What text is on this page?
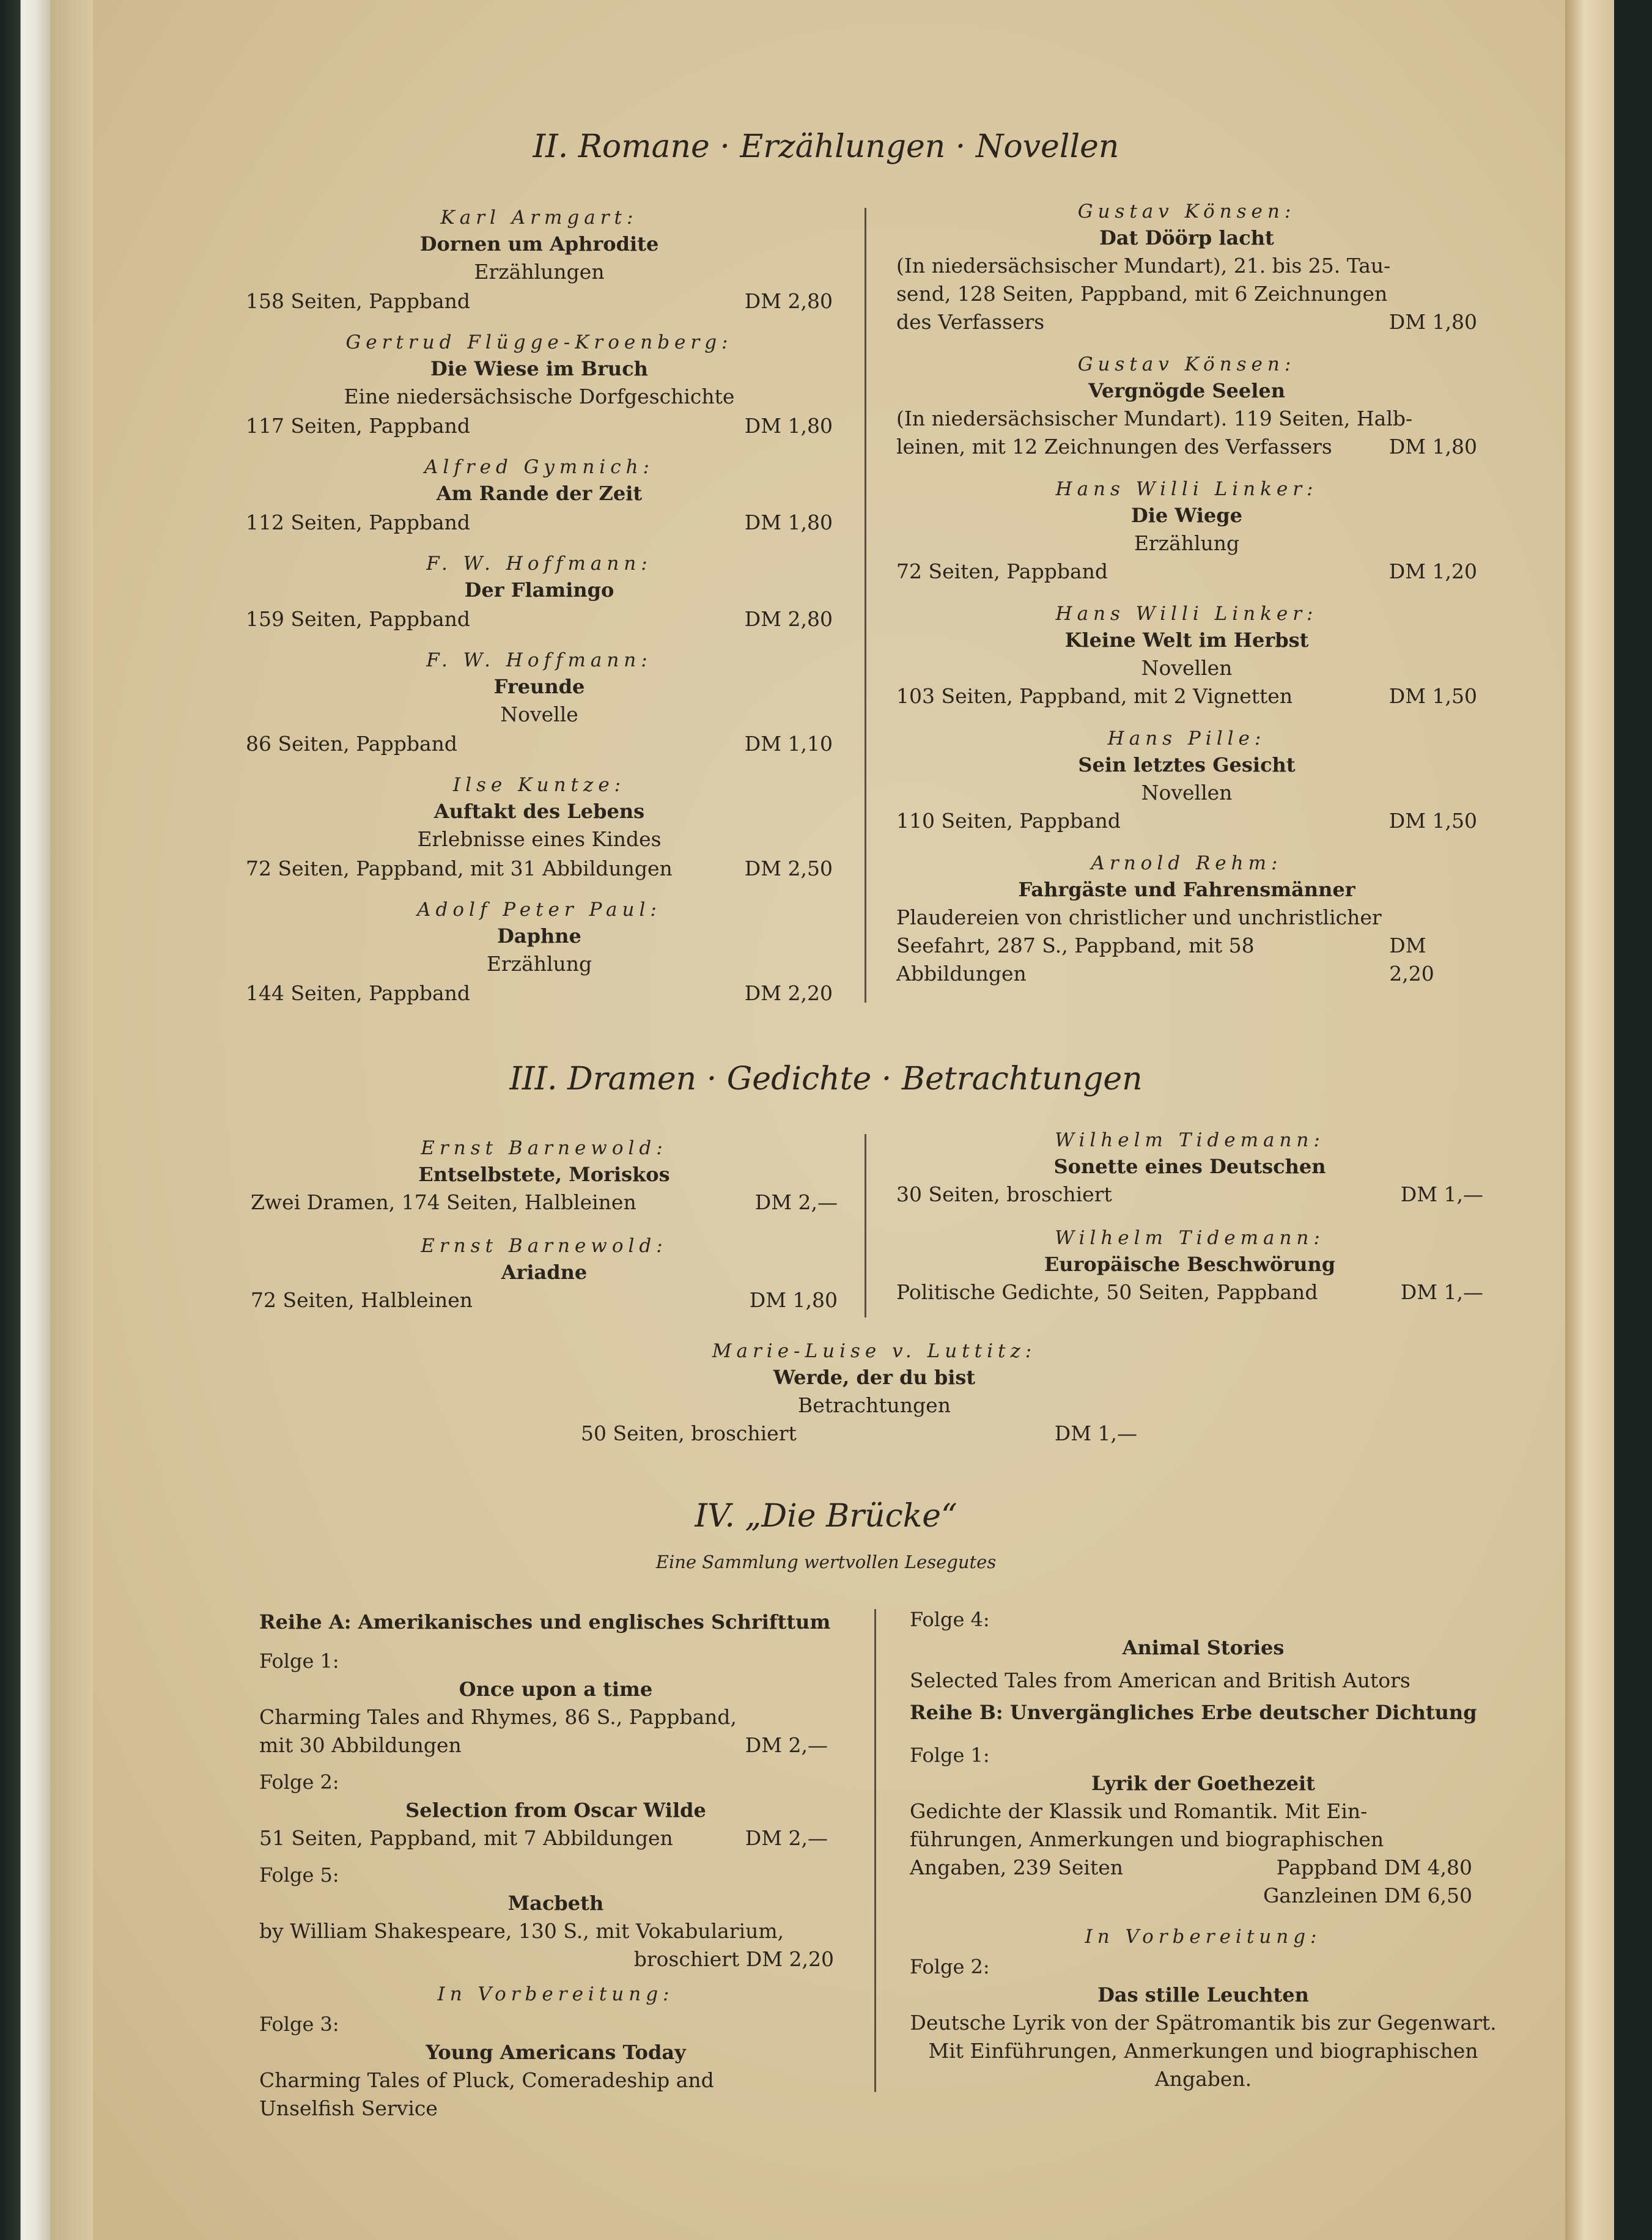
II. Romane · Erzählungen · Novellen
Karl Armgart:
Dornen um Aphrodite
Erzählungen
158 Seiten, Pappband	DM 2,80
Gertrud Flügge-Kroenberg:
Die Wiese im Bruch
Eine niedersächsische Dorfgeschichte
117 Seiten, Pappband	DM 1,80
Alfred Gymnich:
Am Rande der Zeit
112 Seiten, Pappband	DM 1,80
F. W. Hoffmann:
Der Flamingo
159 Seiten, Pappband	DM 2,80
F. W. Hoffmann:
Freunde
Novelle
86 Seiten, Pappband	DM 1,10
Ilse Kuntze:
Auftakt des Lebens
Erlebnisse eines Kindes
72 Seiten, Pappband, mit 31 Abbildungen	DM 2,50
Adolf Peter Paul:
Daphne
Erzählung
144 Seiten, Pappband	DM 2,20
Gustav Könsen:
Dat Döörp lacht
(In niedersächsischer Mundart), 21. bis 25. Tau-
send, 128 Seiten, Pappband, mit 6 Zeichnungen
des Verfassers	DM 1,80
Gustav Könsen:
Vergnögde Seelen
(In niedersächsischer Mundart). 119 Seiten, Halb-
leinen, mit 12 Zeichnungen des Verfassers	DM 1,80
Hans Willi Linker:
Die Wiege
Erzählung
72 Seiten, Pappband	DM 1,20
Hans Willi Linker:
Kleine Welt im Herbst
Novellen
103 Seiten, Pappband, mit 2 Vignetten	DM 1,50
Hans Pille:
Sein letztes Gesicht
Novellen
110 Seiten, Pappband	DM 1,50
Arnold Rehm:
Fahrgäste und Fahrensmänner
Plaudereien von christlicher und unchristlicher
Seefahrt, 287 S., Pappband, mit 58 Abbildungen
DM 2,20
III. Dramen · Gedichte · Betrachtungen
Ernst Barnewold:
Entselbstete, Moriskos
Zwei Dramen, 174 Seiten, Halbleinen	DM 2,—
Ernst Barnewold:
Ariadne
72 Seiten, Halbleinen	DM 1,80
Wilhelm Tidemann:
Sonette eines Deutschen
30 Seiten, broschiert	DM 1,—
Wilhelm Tidemann:
Europäische Beschwörung
Politische Gedichte, 50 Seiten, Pappband	DM 1,—
Marie-Luise v. Luttitz:
Werde, der du bist
Betrachtungen
50 Seiten, broschiert	DM 1,—
IV. „Die Brücke“
Eine Sammlung wertvollen Lesegutes
Reihe A: Amerikanisches und englisches Schrifttum
Folge 1:
Once upon a time
Charming Tales and Rhymes, 86 S., Pappband,
mit 30 Abbildungen	DM 2,—
Folge 2:
Selection from Oscar Wilde
51 Seiten, Pappband, mit 7 Abbildungen	DM 2,—
Folge 5:
Macbeth
by William Shakespeare, 130 S., mit Vokabularium,
broschiert DM 2,20
In Vorbereitung:
Folge 3:
Young Americans Today
Charming Tales of Pluck, Comeradeship and
Unselfish Service
Folge 4:
Animal Stories
Selected Tales from American and British Autors
Reihe B: Unvergängliches Erbe deutscher Dichtung
Folge 1:
Lyrik der Goethezeit
Gedichte der Klassik und Romantik. Mit Ein-
führungen, Anmerkungen und biographischen
Angaben, 239 Seiten	Pappband DM 4,80
Ganzleinen DM 6,50
In Vorbereitung:
Folge 2:
Das stille Leuchten
Deutsche Lyrik von der Spätromantik bis zur Gegenwart.
Mit Einführungen, Anmerkungen und biographischen
Angaben.
